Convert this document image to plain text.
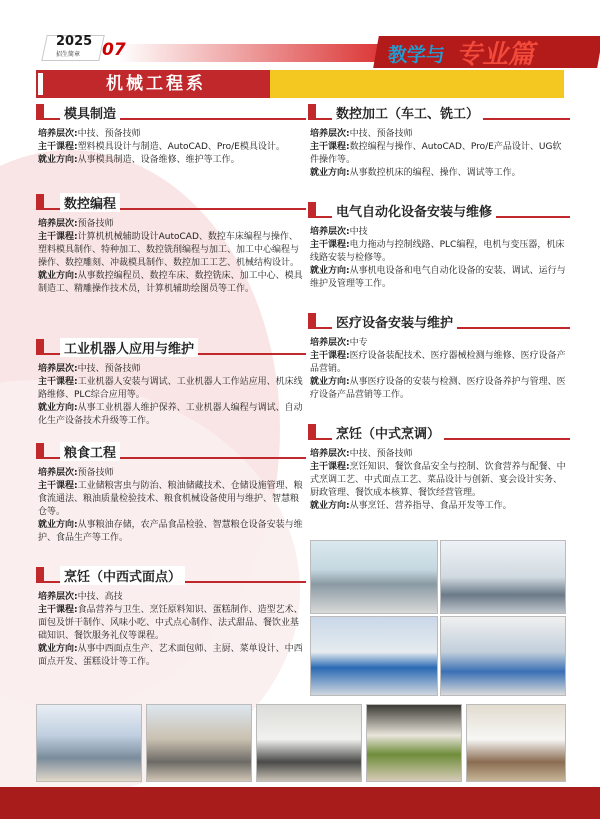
2025
招生简章 07	教学与 专业篇
机械工程系
模具制造
培养层次:中技、预备技师
主干课程:塑料模具设计与制造、AutoCAD、Pro/E模具设计。
就业方向:从事模具制造、设备维修、维护等工作。
数控编程
培养层次:预备技师
主干课程:计算机机械辅助设计AutoCAD、数控车床编程与操作、塑料模具制作、特种加工、数控铣削编程与加工、加工中心编程与操作、数控雕刻、冲裁模具制作、数控加工工艺、机械结构设计。
就业方向:从事数控编程员、数控车床、数控铣床、加工中心、模具制造工、精雕操作技术员，计算机辅助绘图员等工作。
工业机器人应用与维护
培养层次:中技、预备技师
主干课程:工业机器人安装与调试、工业机器人工作站应用、机床线路维修、PLC综合应用等。
就业方向:从事工业机器人维护保养、工业机器人编程与调试、自动化生产设备技术升级等工作。
粮食工程
培养层次:预备技师
主干课程:工业储粮害虫与防治、粮油储藏技术、仓储设施管理、粮食流通法、粮油质量检验技术、粮食机械设备使用与维护、智慧粮仓等。
就业方向:从事粮油存储，农产品食品检验、智慧粮仓设备安装与维护、食品生产等工作。
烹饪（中西式面点）
培养层次:中技、高技
主干课程:食品营养与卫生、烹饪原料知识、蛋糕制作、造型艺术、面包及饼干制作、风味小吃、中式点心制作、法式甜品、餐饮业基础知识、餐饮服务礼仪等课程。
就业方向:从事中西面点生产、艺术面包师、主厨、菜单设计、中西面点开发、蛋糕设计等工作。
数控加工（车工、铣工）
培养层次:中技、预备技师
主干课程:数控编程与操作、AutoCAD、Pro/E产品设计、UG软件操作等。
就业方向:从事数控机床的编程、操作、调试等工作。
电气自动化设备安装与维修
培养层次:中技
主干课程:电力拖动与控制线路、PLC编程，电机与变压器，机床线路安装与检修等。
就业方向:从事机电设备和电气自动化设备的安装、调试、运行与维护及管理等工作。
医疗设备安装与维护
培养层次:中专
主干课程:医疗设备装配技术、医疗器械检测与维修、医疗设备产品营销。
就业方向:从事医疗设备的安装与检测、医疗设备养护与管理、医疗设备产品营销等工作。
烹饪（中式烹调）
培养层次:中技、预备技师
主干课程:烹饪知识、餐饮食品安全与控制、饮食营养与配餐、中式烹调工艺、中式面点工艺、菜品设计与创新、宴会设计实务、厨政管理、餐饮成本核算、餐饮经营管理。
就业方向:从事烹饪、营养指导、食品开发等工作。
